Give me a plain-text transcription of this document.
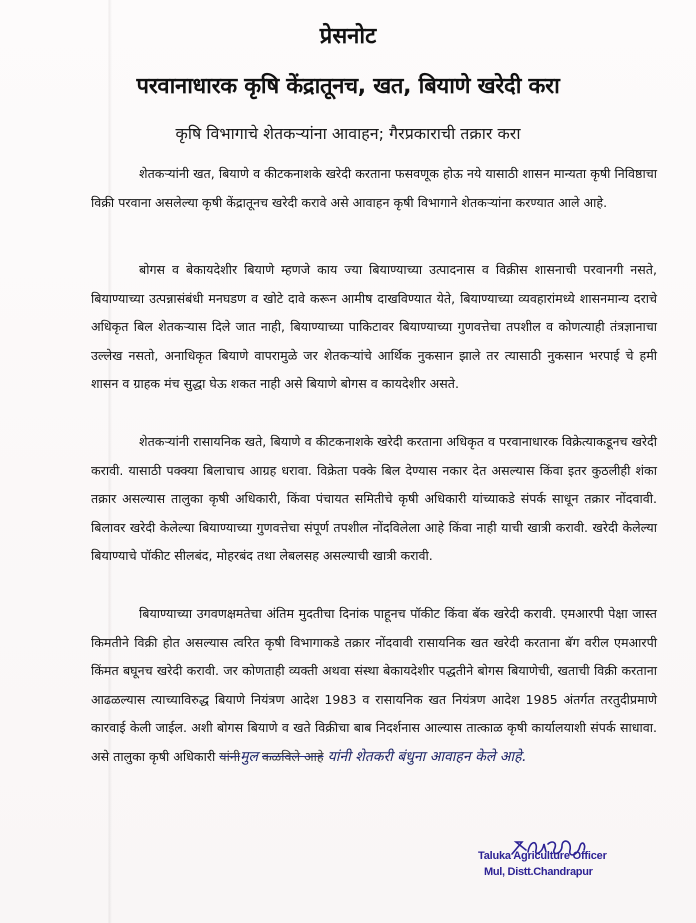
प्रेसनोट
परवानाधारक कृषि केंद्रातूनच, खत, बियाणे खरेदी करा
कृषि विभागाचे शेतकऱ्यांना आवाहन; गैरप्रकाराची तक्रार करा

शेतकऱ्यांनी खत, बियाणे व कीटकनाशके खरेदी करताना फसवणूक होऊ नये यासाठी शासन मान्यता कृषी निविष्ठाचा विक्री परवाना असलेल्या कृषी केंद्रातूनच खरेदी करावे असे आवाहन कृषी विभागाने शेतकऱ्यांना करण्यात आले आहे.

बोगस व बेकायदेशीर बियाणे म्हणजे काय ज्या बियाण्याच्या उत्पादनास व विक्रीस शासनाची परवानगी नसते, बियाण्याच्या उत्पन्नासंबंधी मनघडण व खोटे दावे करून आमीष दाखविण्यात येते, बियाण्याच्या व्यवहारांमध्ये शासनमान्य दराचे अधिकृत बिल शेतकऱ्यास दिले जात नाही, बियाण्याच्या पाकिटावर बियाण्याच्या गुणवत्तेचा तपशील व कोणत्याही तंत्रज्ञानाचा उल्लेख नसतो, अनाधिकृत बियाणे वापरामुळे जर शेतकऱ्यांचे आर्थिक नुकसान झाले तर त्यासाठी नुकसान भरपाई चे हमी शासन व ग्राहक मंच सुद्धा घेऊ शकत नाही असे बियाणे बोगस व कायदेशीर असते.

शेतकऱ्यांनी रासायनिक खते, बियाणे व कीटकनाशके खरेदी करताना अधिकृत व परवानाधारक विक्रेत्याकडूनच खरेदी करावी. यासाठी पक्क्या बिलाचाच आग्रह धरावा. विक्रेता पक्के बिल देण्यास नकार देत असल्यास किंवा इतर कुठलीही शंका तक्रार असल्यास तालुका कृषी अधिकारी, किंवा पंचायत समितीचे कृषी अधिकारी यांच्याकडे संपर्क साधून तक्रार नोंदवावी. बिलावर खरेदी केलेल्या बियाण्याच्या गुणवत्तेचा संपूर्ण तपशील नोंदविलेला आहे किंवा नाही याची खात्री करावी. खरेदी केलेल्या बियाण्याचे पॉकीट सीलबंद, मोहरबंद तथा लेबलसह असल्याची खात्री करावी.

बियाण्याच्या उगवणक्षमतेचा अंतिम मुदतीचा दिनांक पाहूनच पॉकीट किंवा बॅक खरेदी करावी. एमआरपी पेक्षा जास्त किमतीने विक्री होत असल्यास त्वरित कृषी विभागाकडे तक्रार नोंदवावी रासायनिक खत खरेदी करताना बॅग वरील एमआरपी किंमत बघूनच खरेदी करावी. जर कोणताही व्यक्ती अथवा संस्था बेकायदेशीर पद्धतीने बोगस बियाणेची, खताची विक्री करताना आढळल्यास त्याच्याविरुद्ध बियाणे नियंत्रण आदेश 1983 व रासायनिक खत नियंत्रण आदेश 1985 अंतर्गत तरतुदीप्रमाणे कारवाई केली जाईल. अशी बोगस बियाणे व खते विक्रीचा बाब निदर्शनास आल्यास तात्काळ कृषी कार्यालयाशी संपर्क साधावा. असे तालुका कृषी अधिकारी यांनीमुल कळविले आहे यांनी शेतकरी बंधुना आवाहन केले आहे.

Taluka Agriculture Officer
Mul, Distt.Chandrapur
